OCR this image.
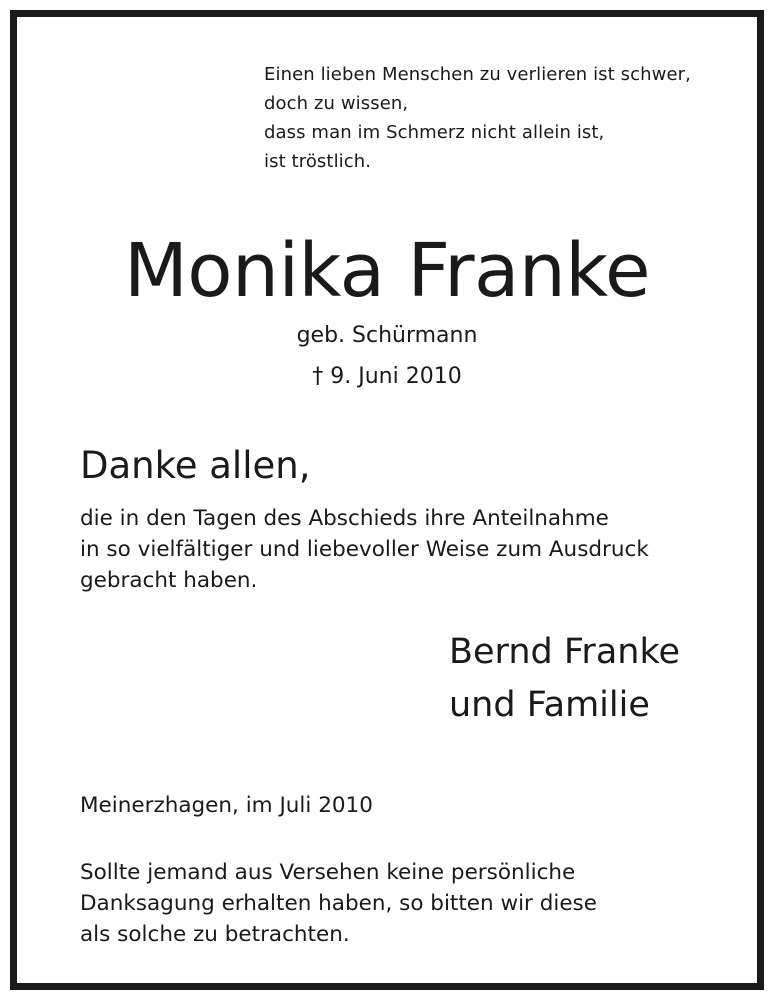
Einen lieben Menschen zu verlieren ist schwer,
doch zu wissen,
dass man im Schmerz nicht allein ist,
ist tröstlich.
Monika Franke
geb. Schürmann
† 9. Juni 2010
Danke allen,
die in den Tagen des Abschieds ihre Anteilnahme
in so vielfältiger und liebevoller Weise zum Ausdruck
gebracht haben.
Bernd Franke
und Familie
Meinerzhagen, im Juli 2010
Sollte jemand aus Versehen keine persönliche
Danksagung erhalten haben, so bitten wir diese
als solche zu betrachten.
